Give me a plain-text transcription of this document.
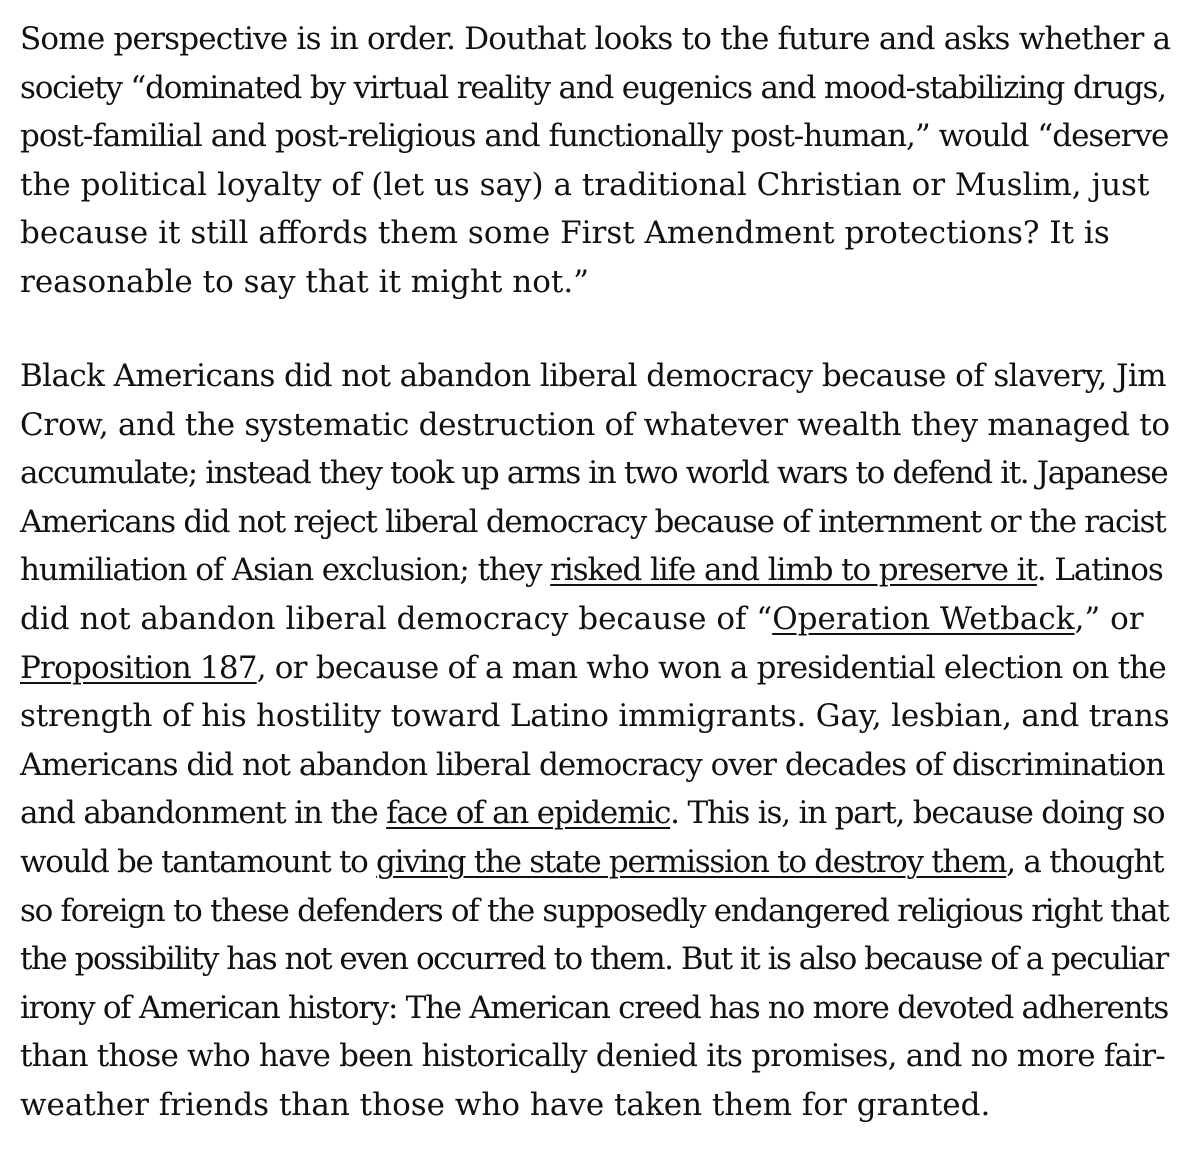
Some perspective is in order. Douthat looks to the future and asks whether a
society “dominated by virtual reality and eugenics and mood-stabilizing drugs,
post-familial and post-religious and functionally post-human,” would “deserve
the political loyalty of (let us say) a traditional Christian or Muslim, just
because it still affords them some First Amendment protections? It is
reasonable to say that it might not.”

Black Americans did not abandon liberal democracy because of slavery, Jim
Crow, and the systematic destruction of whatever wealth they managed to
accumulate; instead they took up arms in two world wars to defend it. Japanese
Americans did not reject liberal democracy because of internment or the racist
humiliation of Asian exclusion; they risked life and limb to preserve it. Latinos
did not abandon liberal democracy because of “Operation Wetback,” or
Proposition 187, or because of a man who won a presidential election on the
strength of his hostility toward Latino immigrants. Gay, lesbian, and trans
Americans did not abandon liberal democracy over decades of discrimination
and abandonment in the face of an epidemic. This is, in part, because doing so
would be tantamount to giving the state permission to destroy them, a thought
so foreign to these defenders of the supposedly endangered religious right that
the possibility has not even occurred to them. But it is also because of a peculiar
irony of American history: The American creed has no more devoted adherents
than those who have been historically denied its promises, and no more fair-
weather friends than those who have taken them for granted.
